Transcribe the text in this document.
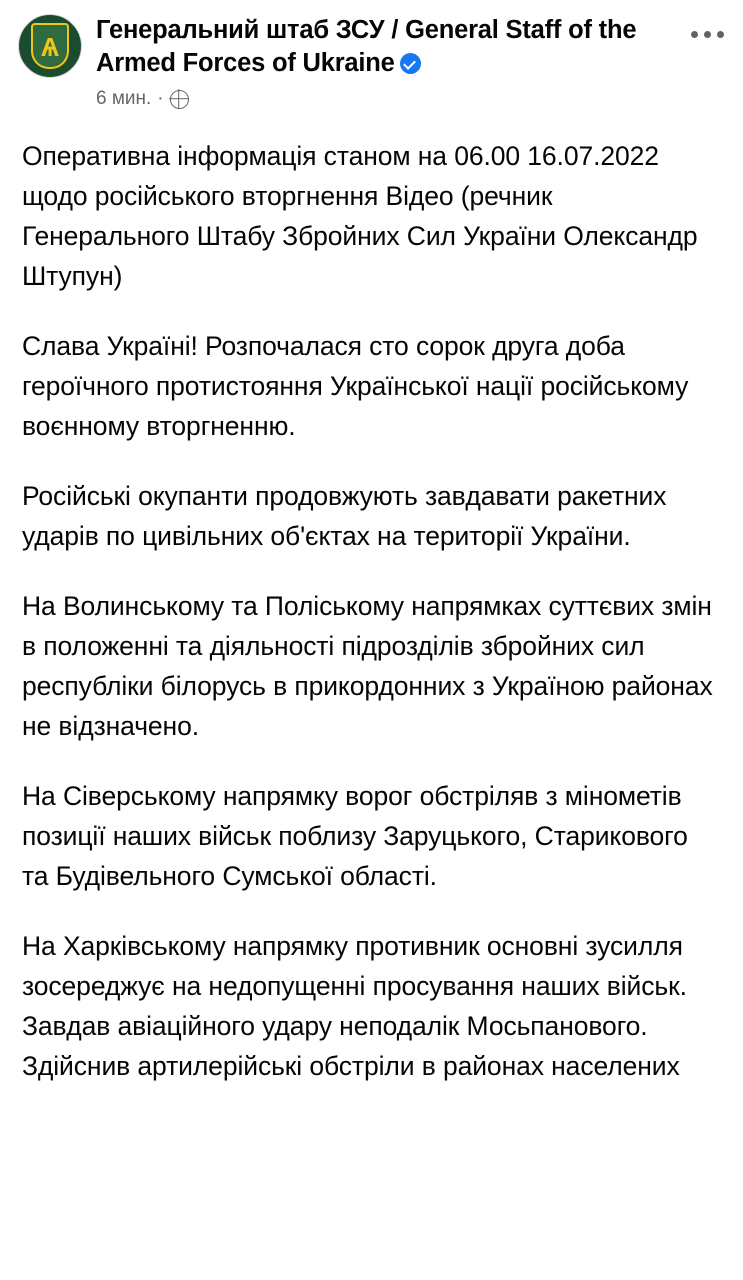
Ѧ
Генеральний штаб ЗСУ / General Staff of the Armed Forces of Ukraine
6 мин. ·

Оперативна інформація станом на 06.00 16.07.2022 щодо російського вторгнення Відео (речник Генерального Штабу Збройних Сил України Олександр Штупун)

Слава Україні! Розпочалася сто сорок друга доба героїчного протистояння Української нації російському воєнному вторгненню.

Російські окупанти продовжують завдавати ракетних ударів по цивільних об'єктах на території України.

На Волинському та Поліському напрямках суттєвих змін в положенні та діяльності підрозділів збройних сил республіки білорусь в прикордонних з Україною районах не відзначено.

На Сіверському напрямку ворог обстріляв з мінометів позиції наших військ поблизу Заруцького, Старикового та Будівельного Сумської області.

На Харківському напрямку противник основні зусилля зосереджує на недопущенні просування наших військ. Завдав авіаційного удару неподалік Мосьпанового. Здійснив артилерійські обстріли в районах населених
